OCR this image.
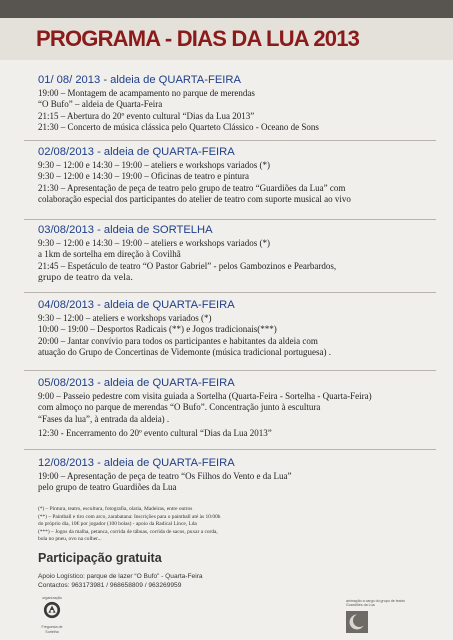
PROGRAMA - DIAS DA LUA 2013
01/ 08/ 2013 - aldeia de QUARTA-FEIRA
19:00 – Montagem de acampamento no parque de merendas
“O Bufo” – aldeia de Quarta-Feira
21:15 – Abertura do 20º evento cultural “Dias da Lua 2013”
21:30 – Concerto de música clássica pelo Quarteto Clássico - Oceano de Sons
02/08/2013 - aldeia de QUARTA-FEIRA
9:30 – 12:00 e 14:30 – 19:00 – ateliers e workshops variados (*)
9:30 – 12:00 e 14:30 – 19:00 – Oficinas de teatro e pintura
21:30 – Apresentação de peça de teatro pelo grupo de teatro “Guardiões da Lua” com
colaboração especial dos participantes do atelier de teatro com suporte musical ao vivo
03/08/2013 - aldeia de SORTELHA
9:30 – 12:00 e 14:30 – 19:00 – ateliers e workshops variados (*)
a 1km de sortelha em direção à Covilhã
21:45 – Espetáculo de teatro “O Pastor Gabriel” - pelos Gambozinos e Pearbardos,
grupo de teatro da vela.
04/08/2013 - aldeia de QUARTA-FEIRA
9:30 – 12:00 – ateliers e workshops variados (*)
10:00 – 19:00 – Desportos Radicais (**) e Jogos tradicionais(***)
20:00 – Jantar convívio para todos os participantes e habitantes da aldeia com
atuação do Grupo de Concertinas de Videmonte (música tradicional portuguesa) .
05/08/2013 - aldeia de QUARTA-FEIRA
9:00 – Passeio pedestre com visita guiada a Sortelha (Quarta-Feira - Sortelha - Quarta-Feira)
com almoço no parque de merendas “O Bufo”. Concentração junto à escultura
“Fases da lua”, à entrada da aldeia) .
12:30 - Encerramento do 20º evento cultural “Dias da Lua 2013”
12/08/2013 - aldeia de QUARTA-FEIRA
19:00 – Apresentação de peça de teatro “Os Filhos do Vento e da Lua”
pelo grupo de teatro Guardiões da Lua
(*) – Pintura, teatro, escultura, fotografia, olaria, Madeiras, entre outros
(**) – Paintball e tiro com arco, zarabatana: Inscrições para o paintball até às 10:00h
do próprio dia, 10€ por jogador (100 bolas) - apoio da Radical Lince, Lda
(***) – Jogos da malha, petanca, corrida de tábuas, corrida de sacos, puxar a corda,
bola no pneu, ovo na colher...
Participação gratuita
Apoio Logístico: parque de lazer “O Bufo” - Quarta-Feira
Contactos: 963173981 / 968658809 / 963269959
organização
Freguesia de
Sortelha
animação a cargo do grupo de teatro
Guardiões da Lua
